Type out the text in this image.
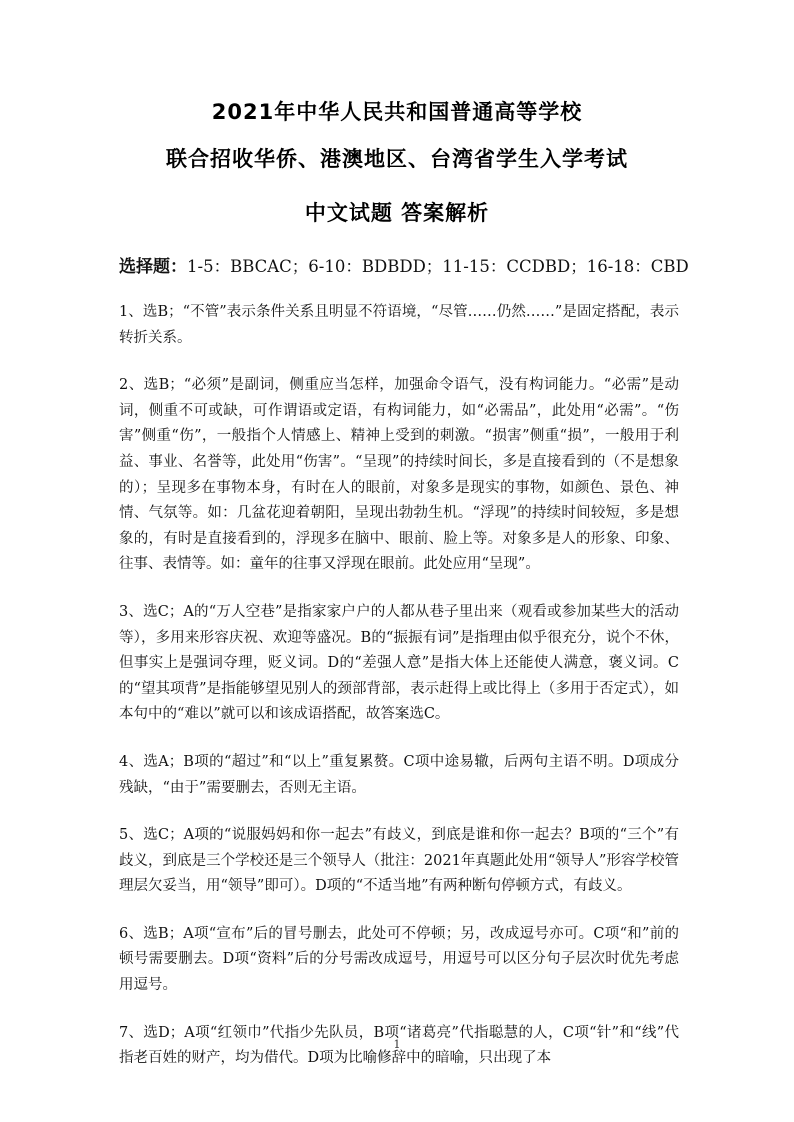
2021年中华人民共和国普通高等学校
联合招收华侨、港澳地区、台湾省学生入学考试
中文试题 答案解析
选择题：1-5：BBCAC；6-10：BDBDD；11-15：CCDBD；16-18：CBD

1、选B；“不管”表示条件关系且明显不符语境，“尽管……仍然……”是固定搭配，表示转折关系。

2、选B；“必须”是副词，侧重应当怎样，加强命令语气，没有构词能力。“必需”是动词，侧重不可或缺，可作谓语或定语，有构词能力，如“必需品”，此处用“必需”。“伤害”侧重“伤”，一般指个人情感上、精神上受到的刺激。“损害”侧重“损”，一般用于利益、事业、名誉等，此处用“伤害”。“呈现”的持续时间长，多是直接看到的（不是想象的）；呈现多在事物本身，有时在人的眼前，对象多是现实的事物，如颜色、景色、神情、气氛等。如：几盆花迎着朝阳，呈现出勃勃生机。“浮现”的持续时间较短，多是想象的，有时是直接看到的，浮现多在脑中、眼前、脸上等。对象多是人的形象、印象、往事、表情等。如：童年的往事又浮现在眼前。此处应用“呈现”。

3、选C；A的“万人空巷”是指家家户户的人都从巷子里出来（观看或参加某些大的活动等），多用来形容庆祝、欢迎等盛况。B的“振振有词”是指理由似乎很充分，说个不休，但事实上是强词夺理，贬义词。D的“差强人意”是指大体上还能使人满意，褒义词。C的“望其项背”是指能够望见别人的颈部背部，表示赶得上或比得上（多用于否定式），如本句中的“难以”就可以和该成语搭配，故答案选C。

4、选A；B项的“超过”和“以上”重复累赘。C项中途易辙，后两句主语不明。D项成分残缺，“由于”需要删去，否则无主语。

5、选C；A项的“说服妈妈和你一起去”有歧义，到底是谁和你一起去？B项的“三个”有歧义，到底是三个学校还是三个领导人（批注：2021年真题此处用“领导人”形容学校管理层欠妥当，用“领导”即可）。D项的“不适当地”有两种断句停顿方式，有歧义。

6、选B；A项“宣布”后的冒号删去，此处可不停顿；另，改成逗号亦可。C项“和”前的顿号需要删去。D项“资料”后的分号需改成逗号，用逗号可以区分句子层次时优先考虑用逗号。

7、选D；A项“红领巾”代指少先队员，B项“诸葛亮”代指聪慧的人，C项“针”和“线”代指老百姓的财产，均为借代。D项为比喻修辞中的暗喻，只出现了本

1
